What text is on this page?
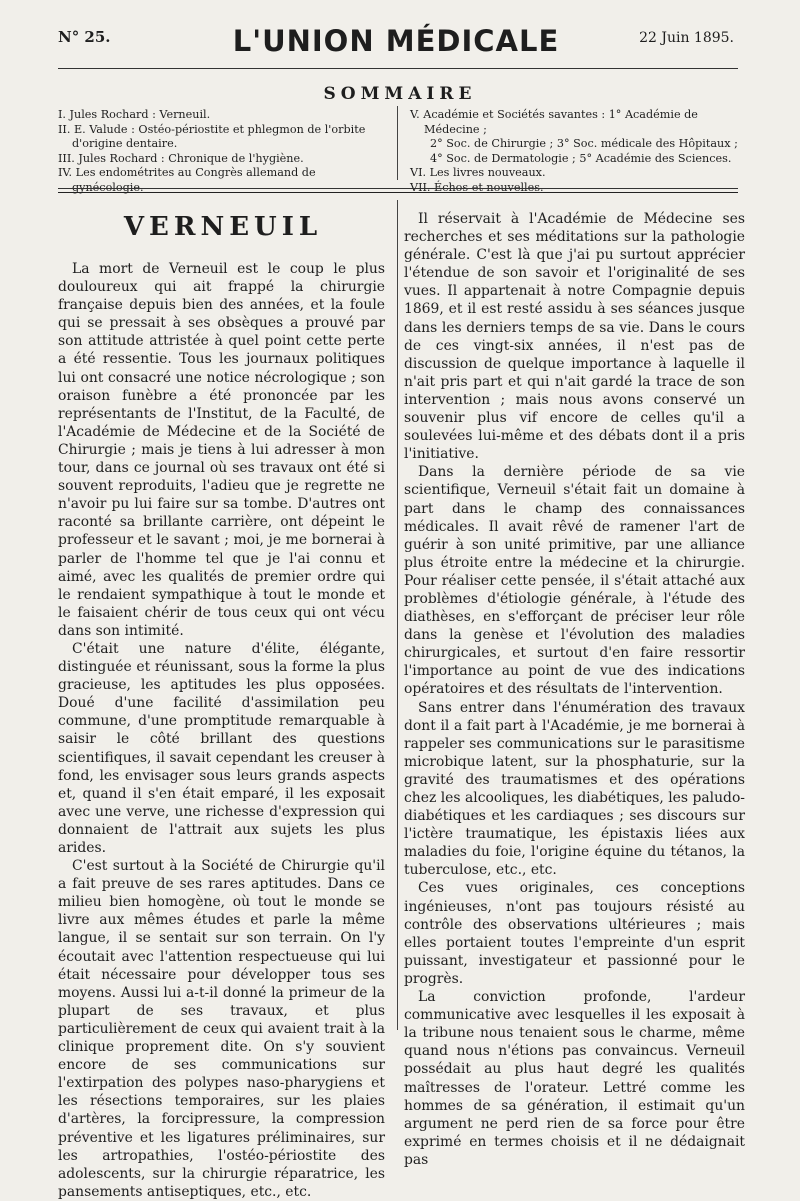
N° 25.	L'UNION MÉDICALE	22 Juin 1895.
SOMMAIRE

I. Jules Rochard : Verneuil.

II. E. Valude : Ostéo-périostite et phlegmon de l'orbite d'origine dentaire.

III. Jules Rochard : Chronique de l'hygiène.

IV. Les endométrites au Congrès allemand de gynécologie.

V. Académie et Sociétés savantes : 1° Académie de Médecine ;

2° Soc. de Chirurgie ; 3° Soc. médicale des Hôpitaux ;

4° Soc. de Dermatologie ; 5° Académie des Sciences.

VI. Les livres nouveaux.

VII. Échos et nouvelles.

VERNEUIL

La mort de Verneuil est le coup le plus douloureux qui ait frappé la chirurgie française depuis bien des années, et la foule qui se pressait à ses obsèques a prouvé par son attitude attristée à quel point cette perte a été ressentie. Tous les journaux politiques lui ont consacré une notice nécrologique ; son oraison funèbre a été prononcée par les représentants de l'Institut, de la Faculté, de l'Académie de Médecine et de la Société de Chirurgie ; mais je tiens à lui adresser à mon tour, dans ce journal où ses travaux ont été si souvent reproduits, l'adieu que je regrette ne n'avoir pu lui faire sur sa tombe. D'autres ont raconté sa brillante carrière, ont dépeint le professeur et le savant ; moi, je me bornerai à parler de l'homme tel que je l'ai connu et aimé, avec les qualités de premier ordre qui le rendaient sympathique à tout le monde et le faisaient chérir de tous ceux qui ont vécu dans son intimité.

C'était une nature d'élite, élégante, distinguée et réunissant, sous la forme la plus gracieuse, les aptitudes les plus opposées. Doué d'une facilité d'assimilation peu commune, d'une promptitude remarquable à saisir le côté brillant des questions scientifiques, il savait cependant les creuser à fond, les envisager sous leurs grands aspects et, quand il s'en était emparé, il les exposait avec une verve, une richesse d'expression qui donnaient de l'attrait aux sujets les plus arides.

C'est surtout à la Société de Chirurgie qu'il a fait preuve de ses rares aptitudes. Dans ce milieu bien homogène, où tout le monde se livre aux mêmes études et parle la même langue, il se sentait sur son terrain. On l'y écoutait avec l'attention respectueuse qui lui était nécessaire pour développer tous ses moyens. Aussi lui a-t-il donné la primeur de la plupart de ses travaux, et plus particulièrement de ceux qui avaient trait à la clinique proprement dite. On s'y souvient encore de ses communications sur l'extirpation des polypes naso-pharygiens et les résections temporaires, sur les plaies d'artères, la forcipressure, la compression préventive et les ligatures préliminaires, sur les artropathies, l'ostéo-périostite des adolescents, sur la chirurgie réparatrice, les pansements antiseptiques, etc., etc.

Il réservait à l'Académie de Médecine ses recherches et ses méditations sur la pathologie générale. C'est là que j'ai pu surtout apprécier l'étendue de son savoir et l'originalité de ses vues. Il appartenait à notre Compagnie depuis 1869, et il est resté assidu à ses séances jusque dans les derniers temps de sa vie. Dans le cours de ces vingt-six années, il n'est pas de discussion de quelque importance à laquelle il n'ait pris part et qui n'ait gardé la trace de son intervention ; mais nous avons conservé un souvenir plus vif encore de celles qu'il a soulevées lui-même et des débats dont il a pris l'initiative.

Dans la dernière période de sa vie scientifique, Verneuil s'était fait un domaine à part dans le champ des connaissances médicales. Il avait rêvé de ramener l'art de guérir à son unité primitive, par une alliance plus étroite entre la médecine et la chirurgie. Pour réaliser cette pensée, il s'était attaché aux problèmes d'étiologie générale, à l'étude des diathèses, en s'efforçant de préciser leur rôle dans la genèse et l'évolution des maladies chirurgicales, et surtout d'en faire ressortir l'importance au point de vue des indications opératoires et des résultats de l'intervention.

Sans entrer dans l'énumération des travaux dont il a fait part à l'Académie, je me bornerai à rappeler ses communications sur le parasitisme microbique latent, sur la phosphaturie, sur la gravité des traumatismes et des opérations chez les alcooliques, les diabétiques, les paludo-diabétiques et les cardiaques ; ses discours sur l'ictère traumatique, les épistaxis liées aux maladies du foie, l'origine équine du tétanos, la tuberculose, etc., etc.

Ces vues originales, ces conceptions ingénieuses, n'ont pas toujours résisté au contrôle des observations ultérieures ; mais elles portaient toutes l'empreinte d'un esprit puissant, investigateur et passionné pour le progrès.

La conviction profonde, l'ardeur communicative avec lesquelles il les exposait à la tribune nous tenaient sous le charme, même quand nous n'étions pas convaincus. Verneuil possédait au plus haut degré les qualités maîtresses de l'orateur. Lettré comme les hommes de sa génération, il estimait qu'un argument ne perd rien de sa force pour être exprimé en termes choisis et il ne dédaignait pas
